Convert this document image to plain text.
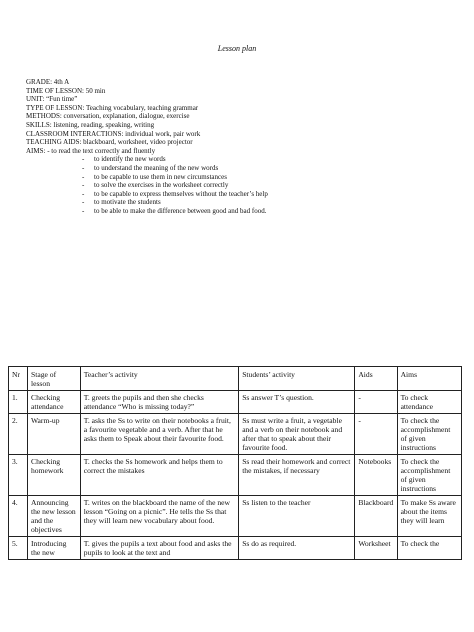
Lesson plan
GRADE: 4th A
TIME OF LESSON: 50 min
UNIT: “Fun time”
TYPE OF LESSON: Teaching vocabulary, teaching grammar
METHODS: conversation, explanation, dialogue, exercise
SKILLS: listening, reading, speaking, writing
CLASSROOM INTERACTIONS: individual work, pair work
TEACHING AIDS: blackboard, worksheet, video projector
AIMS: - to read the text correctly and fluently
- to identify the new words
- to understand the meaning of the new words
- to be capable to use them in new circumstances
- to solve the exercises in the worksheet correctly
- to be capable to express themselves without the teacher’s help
- to motivate the students
- to be able to make the difference between good and bad food.
Nr	Stage of lesson	Teacher’s activity	Students’ activity	Aids	Aims
1.	Checking attendance	T. greets the pupils and then she checks attendance “Who is missing today?”	Ss answer T’s question.	-	To check attendance
2.	Warm-up	T. asks the Ss to write on their notebooks a fruit, a favourite vegetable and a verb. After that he asks them to Speak about their favourite food.	Ss must write a fruit, a vegetable and a verb on their notebook and after that to speak about their favourite food.	-	To check the accomplishment of given instructions
3.	Checking homework	T. checks the Ss homework and helps them to correct the mistakes	Ss read their homework and correct the mistakes, if necessary	Notebooks	To check the accomplishment of given instructions
4.	Announcing the new lesson and the objectives	T. writes on the blackboard the name of the new lesson “Going on a picnic”. He tells the Ss that they will learn new vocabulary about food.	Ss listen to the teacher	Blackboard	To make Ss aware about the items they will learn
5.	Introducing the new	T. gives the pupils a text about food and asks the pupils to look at the text and	Ss do as required.	Worksheet	To check the
